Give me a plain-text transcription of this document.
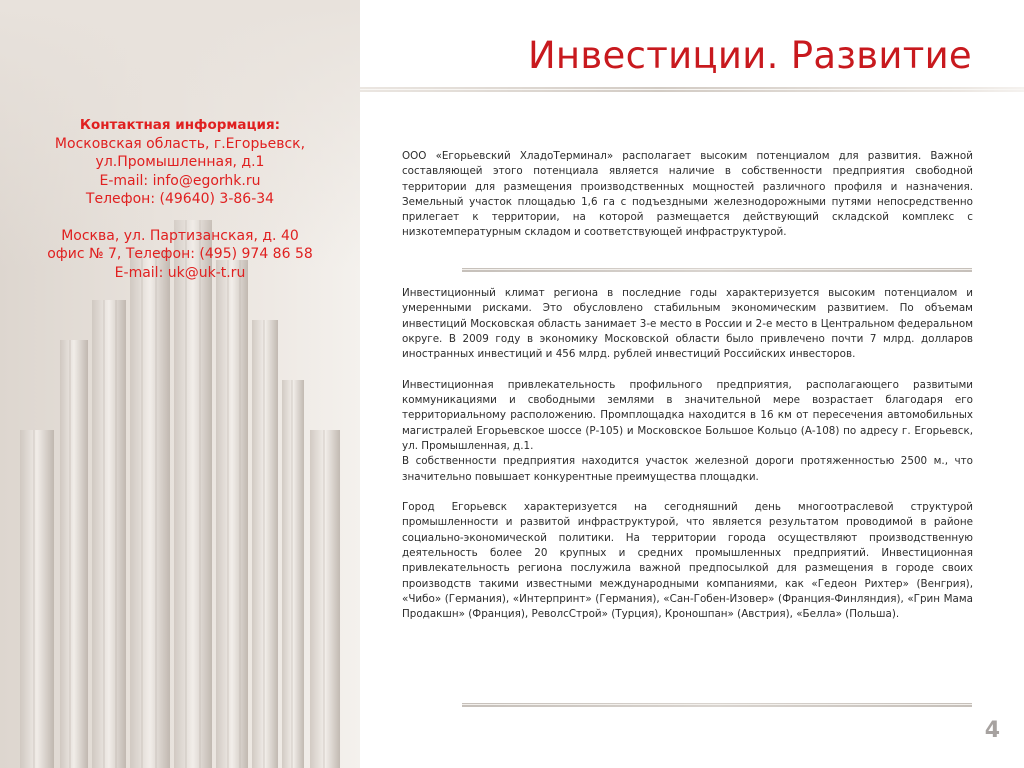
Контактная информация:
Московская область, г.Егорьевск,
ул.Промышленная, д.1
E-mail: info@egorhk.ru
Телефон: (49640) 3-86-34
Москва, ул. Партизанская, д. 40
офис № 7, Телефон: (495) 974 86 58
E-mail: uk@uk-t.ru
Инвестиции. Развитие

ООО «Егорьевский ХладоТерминал» располагает высоким потенциалом для развития. Важной составляющей этого потенциала является наличие в собственности предприятия свободной территории для размещения производственных мощностей различного профиля и назначения. Земельный участок площадью 1,6 га с подъездными железнодорожными путями непосредственно прилегает к территории, на которой размещается действующий складской комплекс с низкотемпературным складом и соответствующей инфраструктурой.

Инвестиционный климат региона в последние годы характеризуется высоким потенциалом и умеренными рисками. Это обусловлено стабильным экономическим развитием. По объемам инвестиций Московская область занимает 3-е место в России и 2-е место в Центральном федеральном округе. В 2009 году в экономику Московской области было привлечено почти 7 млрд. долларов иностранных инвестиций и 456 млрд. рублей инвестиций Российских инвесторов.

Инвестиционная привлекательность профильного предприятия, располагающего развитыми коммуникациями и свободными землями в значительной мере возрастает благодаря его территориальному расположению. Промплощадка находится в 16 км от пересечения автомобильных магистралей Егорьевское шоссе (Р-105) и Московское Большое Кольцо (А-108) по адресу г. Егорьевск, ул. Промышленная, д.1.
В собственности предприятия находится участок железной дороги протяженностью 2500 м., что значительно повышает конкурентные преимущества площадки.

Город Егорьевск характеризуется на сегодняшний день многоотраслевой структурой промышленности и развитой инфраструктурой, что является результатом проводимой в районе социально-экономической политики. На территории города осуществляют производственную деятельность более 20 крупных и средних промышленных предприятий. Инвестиционная привлекательность региона послужила важной предпосылкой для размещения в городе своих производств такими известными международными компаниями, как «Гедеон Рихтер» (Венгрия), «Чибо» (Германия), «Интерпринт» (Германия), «Сан-Гобен-Изовер» (Франция-Финляндия), «Грин Мама Продакшн» (Франция), РеволсСтрой» (Турция), Кроношпан» (Австрия), «Белла» (Польша).

4
